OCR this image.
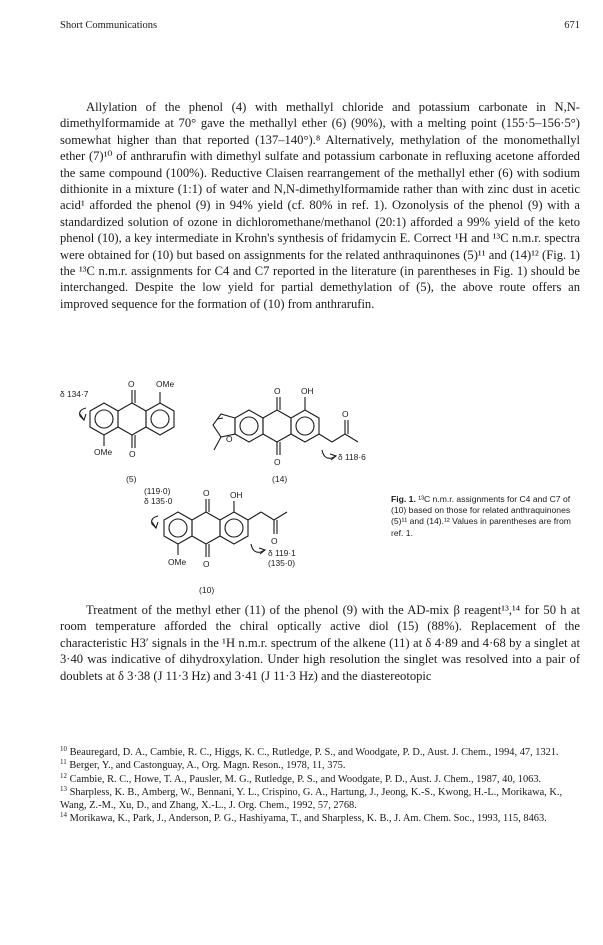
Short Communications	671
Allylation of the phenol (4) with methallyl chloride and potassium carbonate in N,N-dimethylformamide at 70° gave the methallyl ether (6) (90%), with a melting point (155·5–156·5°) somewhat higher than that reported (137–140°).⁸ Alternatively, methylation of the monomethallyl ether (7)¹⁰ of anthrarufin with dimethyl sulfate and potassium carbonate in refluxing acetone afforded the same compound (100%). Reductive Claisen rearrangement of the methallyl ether (6) with sodium dithionite in a mixture (1:1) of water and N,N-dimethylformamide rather than with zinc dust in acetic acid¹ afforded the phenol (9) in 94% yield (cf. 80% in ref. 1). Ozonolysis of the phenol (9) with a standardized solution of ozone in dichloromethane/methanol (20:1) afforded a 99% yield of the keto phenol (10), a key intermediate in Krohn's synthesis of fridamycin E. Correct ¹H and ¹³C n.m.r. spectra were obtained for (10) but based on assignments for the related anthraquinones (5)¹¹ and (14)¹² (Fig. 1) the ¹³C n.m.r. assignments for C4 and C7 reported in the literature (in parentheses in Fig. 1) should be interchanged. Despite the low yield for partial demethylation of (5), the above route offers an improved sequence for the formation of (10) from anthrarufin.
δ 134·7
O	OMe
O
OMe
(5)
O OH
O
O
O
δ 118·6
(14)
(119·0)
δ 135·0
O OH
O
OMe
O
δ 119·1
(135·0)
(10)
Fig. 1. ¹³C n.m.r. assignments for C4 and C7 of (10) based on those for related anthraquinones (5)¹¹ and (14).¹² Values in parentheses are from ref. 1.
Treatment of the methyl ether (11) of the phenol (9) with the AD-mix β reagent¹³,¹⁴ for 50 h at room temperature afforded the chiral optically active diol (15) (88%). Replacement of the characteristic H3′ signals in the ¹H n.m.r. spectrum of the alkene (11) at δ 4·89 and 4·68 by a singlet at 3·40 was indicative of dihydroxylation. Under high resolution the singlet was resolved into a pair of doublets at δ 3·38 (J 11·3 Hz) and 3·41 (J 11·3 Hz) and the diastereotopic

$^{10}$ Beauregard, D. A., Cambie, R. C., Higgs, K. C., Rutledge, P. S., and Woodgate, P. D., Aust. J. Chem., 1994, 47, 1321.

$^{11}$ Berger, Y., and Castonguay, A., Org. Magn. Reson., 1978, 11, 375.

$^{12}$ Cambie, R. C., Howe, T. A., Pausler, M. G., Rutledge, P. S., and Woodgate, P. D., Aust. J. Chem., 1987, 40, 1063.

$^{13}$ Sharpless, K. B., Amberg, W., Bennani, Y. L., Crispino, G. A., Hartung, J., Jeong, K.-S., Kwong, H.-L., Morikawa, K., Wang, Z.-M., Xu, D., and Zhang, X.-L., J. Org. Chem., 1992, 57, 2768.

$^{14}$ Morikawa, K., Park, J., Anderson, P. G., Hashiyama, T., and Sharpless, K. B., J. Am. Chem. Soc., 1993, 115, 8463.
